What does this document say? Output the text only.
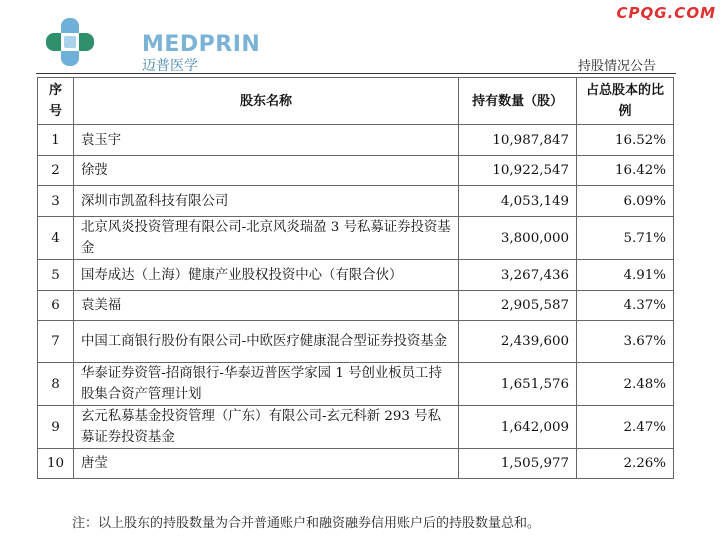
MEDPRIN
迈普医学
CPQG.COM
持股情况公告
序号	股东名称	持有数量（股）	占总股本的比例
1	袁玉宇	10,987,847	16.52%
2	徐弢	10,922,547	16.42%
3	深圳市凯盈科技有限公司	4,053,149	6.09%
4	北京风炎投资管理有限公司-北京风炎瑞盈 3 号私募证券投资基金	3,800,000	5.71%
5	国寿成达（上海）健康产业股权投资中心（有限合伙）	3,267,436	4.91%
6	袁美福	2,905,587	4.37%
7	中国工商银行股份有限公司-中欧医疗健康混合型证券投资基金	2,439,600	3.67%
8	华泰证券资管-招商银行-华泰迈普医学家园 1 号创业板员工持股集合资产管理计划	1,651,576	2.48%
9	玄元私募基金投资管理（广东）有限公司-玄元科新 293 号私募证券投资基金	1,642,009	2.47%
10	唐莹	1,505,977	2.26%
注：以上股东的持股数量为合并普通账户和融资融券信用账户后的持股数量总和。
